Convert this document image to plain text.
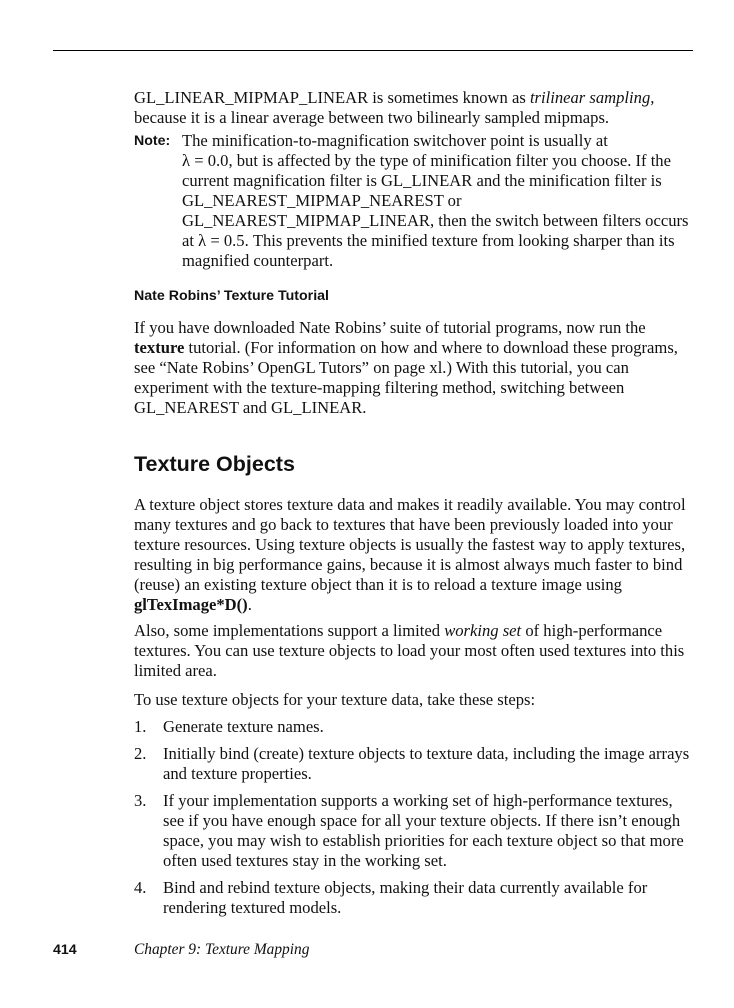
GL_LINEAR_MIPMAP_LINEAR is sometimes known as trilinear sampling, because it is a linear average between two bilinearly sampled mipmaps.

Note: The minification-to-magnification switchover point is usually at

λ = 0.0, but is affected by the type of minification filter you choose. If the current magnification filter is GL_LINEAR and the minification filter is GL_NEAREST_MIPMAP_NEAREST or GL_NEAREST_MIPMAP_LINEAR, then the switch between filters occurs at λ = 0.5. This prevents the minified texture from looking sharper than its magnified counterpart.

Nate Robins’ Texture Tutorial

If you have downloaded Nate Robins’ suite of tutorial programs, now run the texture tutorial. (For information on how and where to download these programs, see “Nate Robins’ OpenGL Tutors” on page xl.) With this tutorial, you can experiment with the texture-mapping filtering method, switching between GL_NEAREST and GL_LINEAR.

Texture Objects

A texture object stores texture data and makes it readily available. You may control many textures and go back to textures that have been previously loaded into your texture resources. Using texture objects is usually the fastest way to apply textures, resulting in big performance gains, because it is almost always much faster to bind (reuse) an existing texture object than it is to reload a texture image using glTexImage*D().

Also, some implementations support a limited working set of high-performance textures. You can use texture objects to load your most often used textures into this limited area.

To use texture objects for your texture data, take these steps:

1. Generate texture names.
2. Initially bind (create) texture objects to texture data, including the image arrays and texture properties.
3. If your implementation supports a working set of high-performance textures, see if you have enough space for all your texture objects. If there isn’t enough space, you may wish to establish priorities for each texture object so that more often used textures stay in the working set.
4. Bind and rebind texture objects, making their data currently available for rendering textured models.
414	Chapter 9: Texture Mapping
